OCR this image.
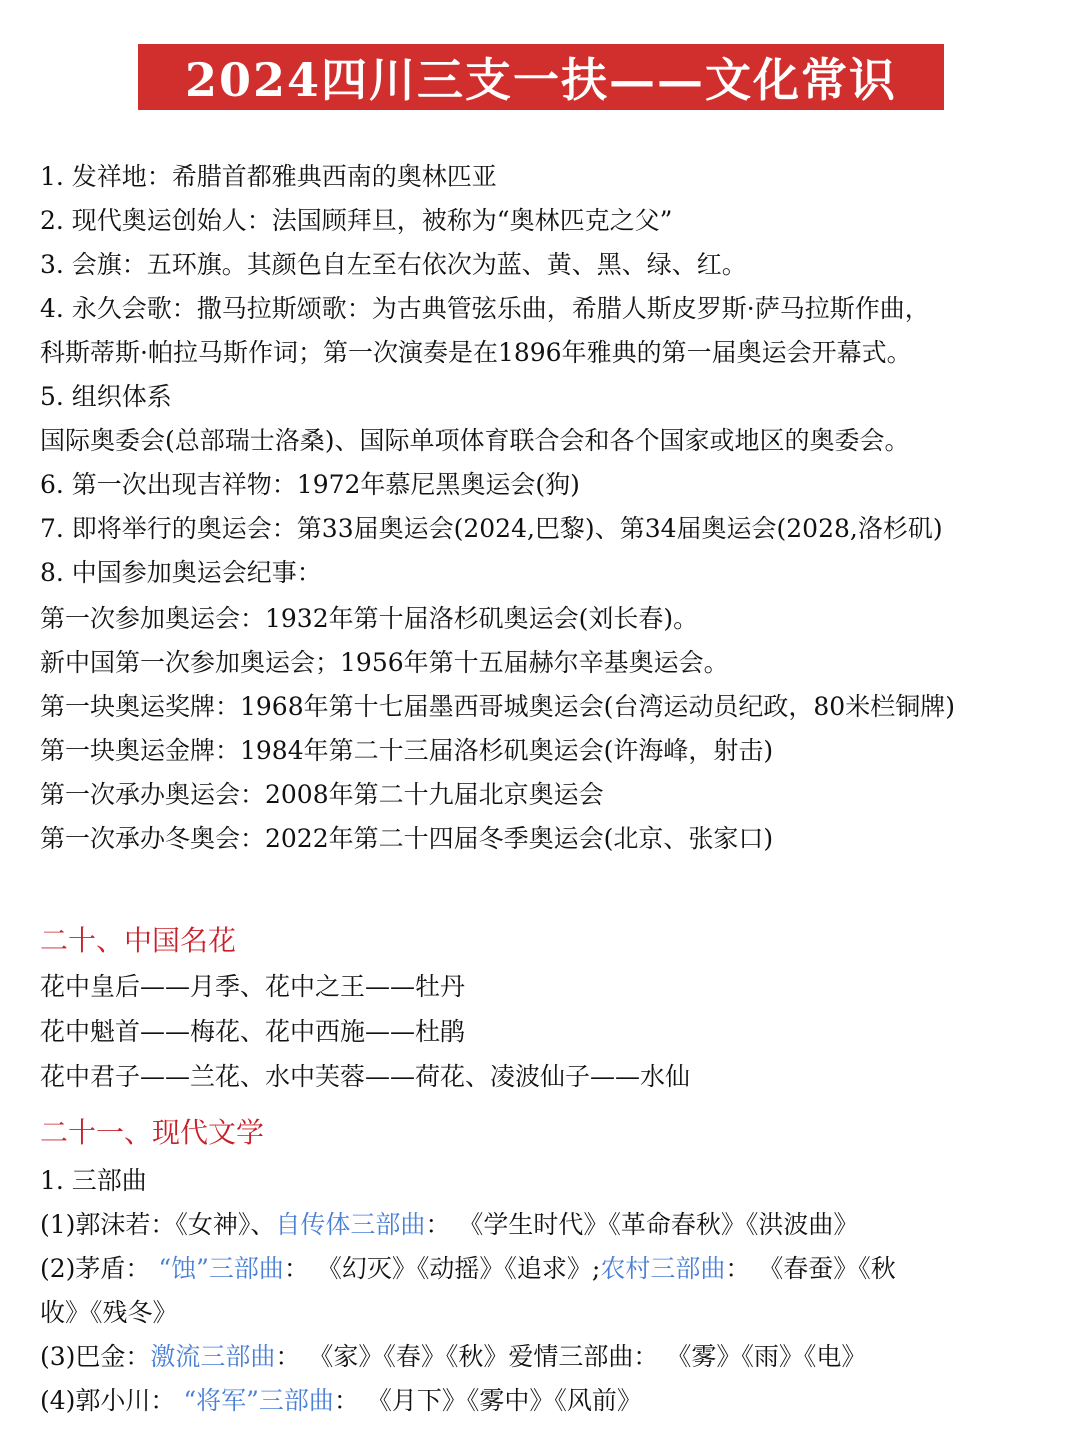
2024四川三支一扶——文化常识
1. 发祥地：希腊首都雅典西南的奥林匹亚
2. 现代奥运创始人：法国顾拜旦，被称为“奥林匹克之父”
3. 会旗：五环旗。其颜色自左至右依次为蓝、黄、黑、绿、红。
4. 永久会歌：撒马拉斯颂歌：为古典管弦乐曲，希腊人斯皮罗斯·萨马拉斯作曲，
科斯蒂斯·帕拉马斯作词；第一次演奏是在1896年雅典的第一届奥运会开幕式。
5. 组织体系
国际奥委会(总部瑞士洛桑)、国际单项体育联合会和各个国家或地区的奥委会。
6. 第一次出现吉祥物：1972年慕尼黑奥运会(狗)
7. 即将举行的奥运会：第33届奥运会(2024,巴黎)、第34届奥运会(2028,洛杉矶)
8. 中国参加奥运会纪事：
第一次参加奥运会：1932年第十届洛杉矶奥运会(刘长春)。
新中国第一次参加奥运会；1956年第十五届赫尔辛基奥运会。
第一块奥运奖牌：1968年第十七届墨西哥城奥运会(台湾运动员纪政，80米栏铜牌)
第一块奥运金牌：1984年第二十三届洛杉矶奥运会(许海峰，射击)
第一次承办奥运会：2008年第二十九届北京奥运会
第一次承办冬奥会：2022年第二十四届冬季奥运会(北京、张家口)
二十、中国名花
花中皇后——月季、花中之王——牡丹
花中魁首——梅花、花中西施——杜鹃
花中君子——兰花、水中芙蓉——荷花、凌波仙子——水仙
二十一、现代文学
1. 三部曲
(1)郭沫若：《女神》、自传体三部曲： 《学生时代》《革命春秋》《洪波曲》
(2)茅盾： “蚀”三部曲： 《幻灭》《动摇》《追求》;农村三部曲： 《春蚕》《秋
收》《残冬》
(3)巴金：激流三部曲： 《家》《春》《秋》爱情三部曲： 《雾》《雨》《电》
(4)郭小川： “将军”三部曲： 《月下》《雾中》《风前》
